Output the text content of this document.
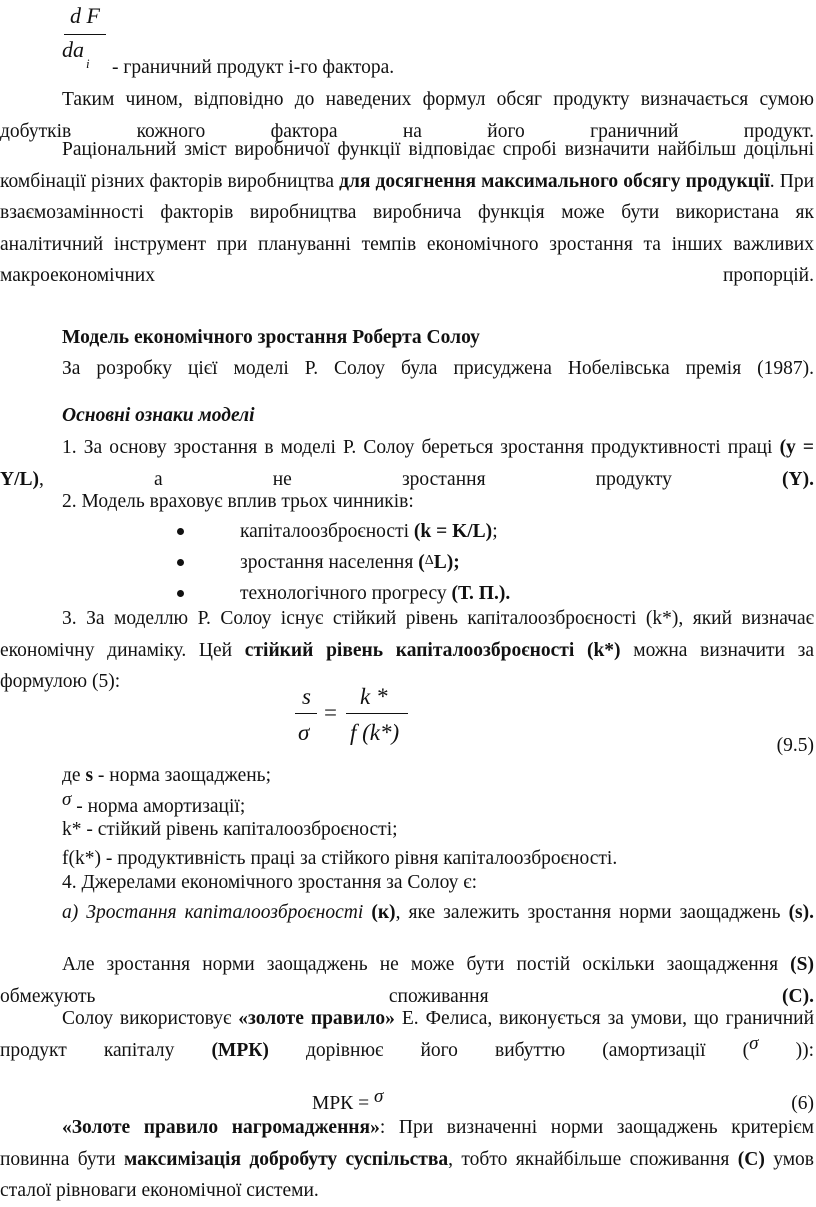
d F
$da_i$	- граничний продукт і-го фактора.

Таким чином, відповідно до наведених формул обсяг продукту визначається сумою добутків кожного фактора на його граничний продукт.

Раціональний зміст виробничої функції відповідає спробі визначити найбільш доцільні комбінації різних факторів виробництва для досягнення максимального обсягу продукції. При взаємозамінності факторів виробництва виробнича функція може бути використана як аналітичний інструмент при плануванні темпів економічного зростання та інших важливих макроекономічних пропорцій.

Модель економічного зростання Роберта Солоу

За розробку цієї моделі Р. Солоу була присуджена Нобелівська премія (1987).

Основні ознаки моделі

1. За основу зростання в моделі Р. Солоу береться зростання продуктивності праці (y = Y/L), а не зростання продукту	(Y).

2. Модель враховує вплив трьох чинників:

капіталоозброєності (k = K/L);
зростання населення ($^\Delta$L);
технологічного прогресу (Т. П.).

3. За моделлю Р. Солоу існує стійкий рівень капіталоозброєності (k*), який визначає економічну динаміку. Цей стійкий рівень капіталоозброєності (k*) можна визначити за формулою (5):

s
σ
=
k *
f (k*)
(9.5)

де s - норма заощаджень;

σ - норма амортизації;

k* - стійкий рівень капіталоозброєності;

f(k*) - продуктивність праці за стійкого рівня капіталоозброєності.

4. Джерелами економічного зростання за Солоу є:

а) Зростання капіталоозброєності (к), яке залежить зростання норми заощаджень (s).

Але зростання норми заощаджень не може бути постій оскільки заощадження (S) обмежують споживання	(С).

Солоу використовує «золоте правило» Е. Фелиса, виконується за умови, що граничний продукт капіталу (МРК) дорівнює його вибуттю (амортизації (σ )):

МРК = σ	(6)

«Золоте правило нагромадження»: При визначенні норми заощаджень критерієм повинна бути максимізація добробуту суспільства, тобто якнайбільше споживання (С) умов сталої рівноваги економічної системи.
